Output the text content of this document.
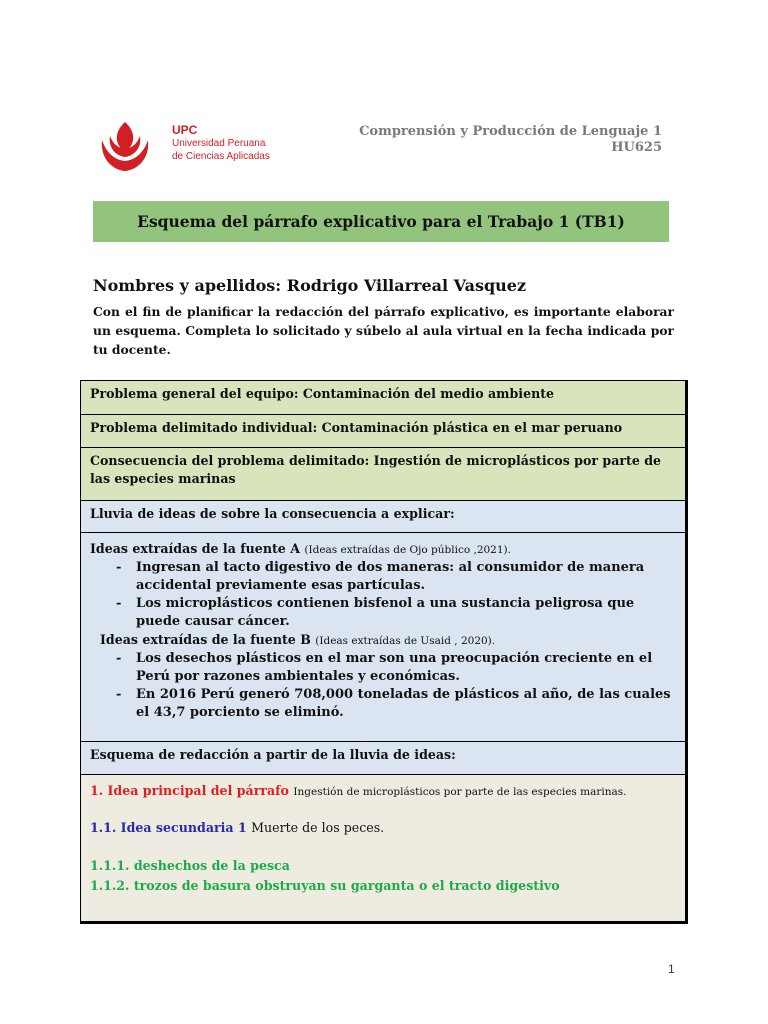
UPC
Universidad Peruana
de Ciencias Aplicadas
Comprensión y Producción de Lenguaje 1
HU625
Esquema del párrafo explicativo para el Trabajo 1 (TB1)
Nombres y apellidos: Rodrigo Villarreal Vasquez
Con el fin de planificar la redacción del párrafo explicativo, es importante elaborar un esquema. Completa lo solicitado y súbelo al aula virtual en la fecha indicada por tu docente.
Problema general del equipo: Contaminación del medio ambiente
Problema delimitado individual: Contaminación plástica en el mar peruano
Consecuencia del problema delimitado: Ingestión de microplásticos por parte de las especies marinas
Lluvia de ideas de sobre la consecuencia a explicar:
Ideas extraídas de la fuente A (Ideas extraídas de Ojo público ,2021).
- Ingresan al tacto digestivo de dos maneras: al consumidor de manera accidental previamente esas partículas.
- Los microplásticos contienen bisfenol a una sustancia peligrosa que puede causar cáncer.
Ideas extraídas de la fuente B (Ideas extraídas de Usaid , 2020).
- Los desechos plásticos en el mar son una preocupación creciente en el Perú por razones ambientales y económicas.
- En 2016 Perú generó 708,000 toneladas de plásticos al año, de las cuales el 43,7 porciento se eliminó.
Esquema de redacción a partir de la lluvia de ideas:
1. Idea principal del párrafo Ingestión de microplásticos por parte de las especies marinas.
1.1. Idea secundaria 1 Muerte de los peces.
1.1.1. deshechos de la pesca
1.1.2. trozos de basura obstruyan su garganta o el tracto digestivo
1
